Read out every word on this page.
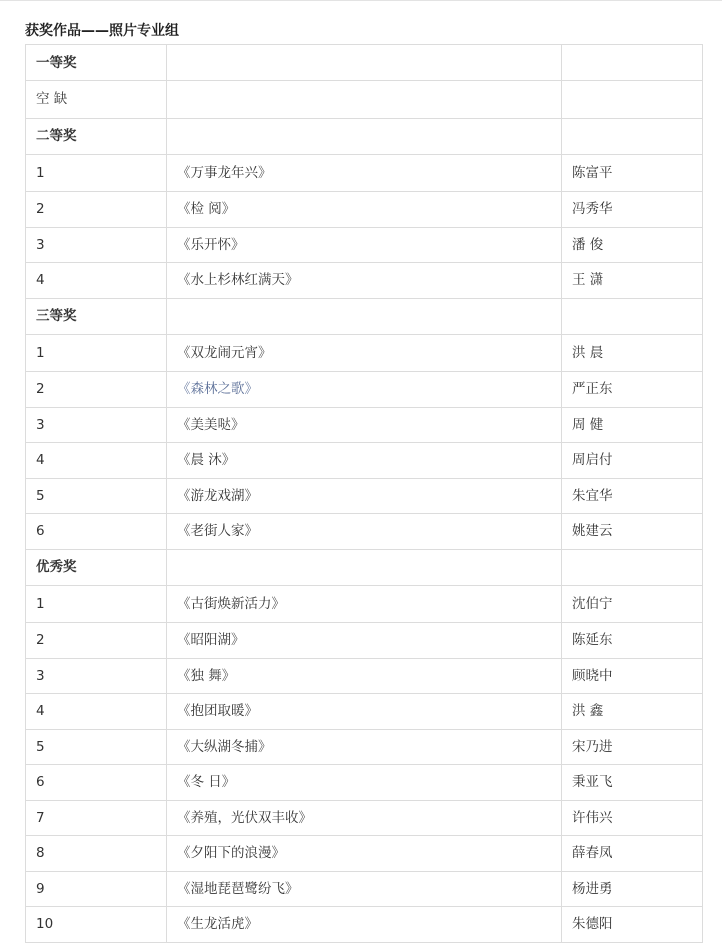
获奖作品——照片专业组
一等奖		
空 缺		
二等奖		
1	《万事龙年兴》	陈富平
2	《检 阅》	冯秀华
3	《乐开怀》	潘 俊
4	《水上杉林红满天》	王 潇
三等奖		
1	《双龙闹元宵》	洪 晨
2	《森林之歌》	严正东
3	《美美哒》	周 健
4	《晨 沐》	周启付
5	《游龙戏湖》	朱宜华
6	《老街人家》	姚建云
优秀奖		
1	《古街焕新活力》	沈伯宁
2	《昭阳湖》	陈延东
3	《独 舞》	顾晓中
4	《抱团取暖》	洪 鑫
5	《大纵湖冬捕》	宋乃进
6	《冬 日》	秉亚飞
7	《养殖，光伏双丰收》	许伟兴
8	《夕阳下的浪漫》	薛春凤
9	《湿地琵琶鹭纷飞》	杨进勇
10	《生龙活虎》	朱德阳
